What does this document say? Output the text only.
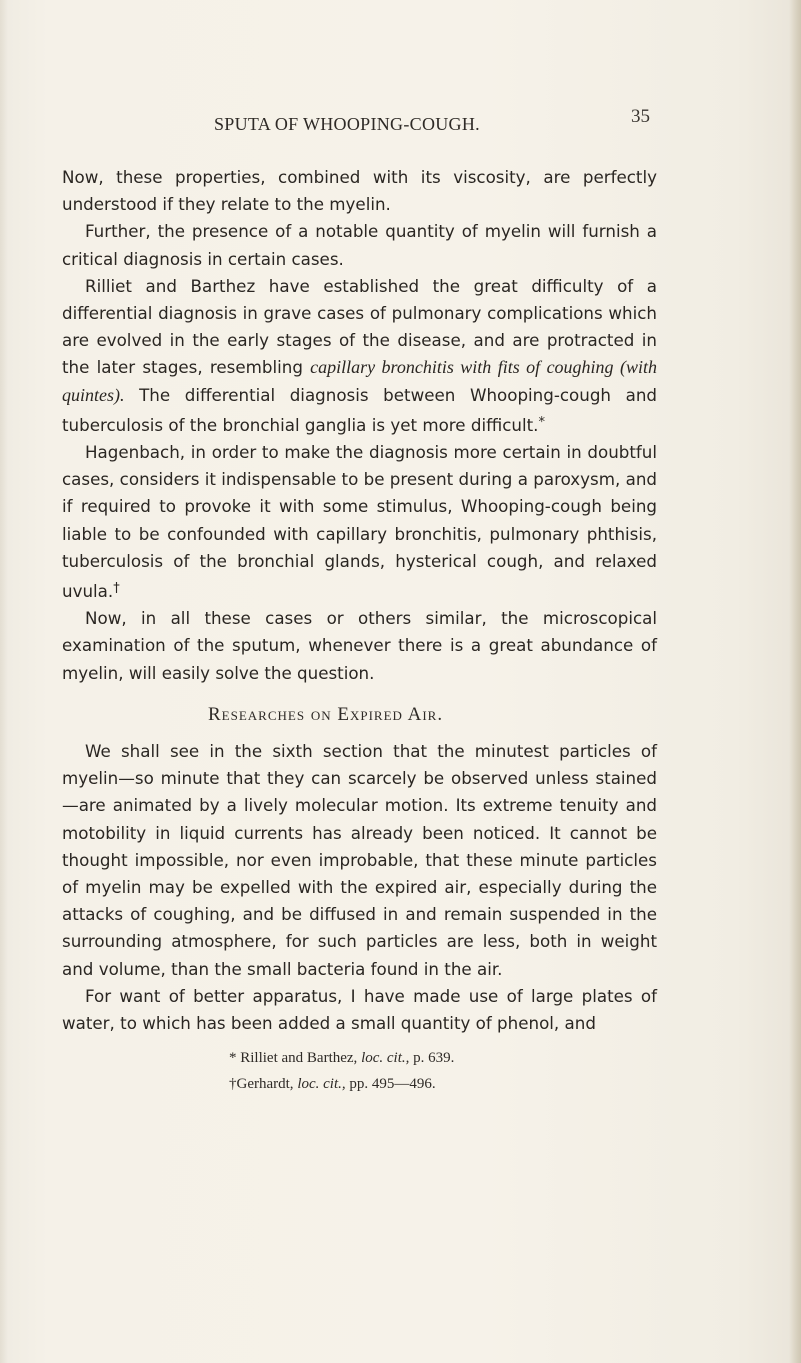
SPUTA OF WHOOPING-COUGH.	35

Now, these properties, combined with its viscosity, are perfectly understood if they relate to the myelin.

Further, the presence of a notable quantity of myelin will furnish a critical diagnosis in certain cases.

Rilliet and Barthez have established the great difficulty of a differential diagnosis in grave cases of pulmonary complications which are evolved in the early stages of the disease, and are protracted in the later stages, resembling capillary bronchitis with fits of coughing (with quintes). The differential diagnosis between Whooping-cough and tuberculosis of the bronchial ganglia is yet more difficult.*

Hagenbach, in order to make the diagnosis more certain in doubtful cases, considers it indispensable to be present during a paroxysm, and if required to provoke it with some stimulus, Whooping-cough being liable to be confounded with capillary bronchitis, pulmonary phthisis, tuberculosis of the bronchial glands, hysterical cough, and relaxed uvula.†

Now, in all these cases or others similar, the microscopical examination of the sputum, whenever there is a great abundance of myelin, will easily solve the question.

Researches on Expired Air.

We shall see in the sixth section that the minutest particles of myelin—so minute that they can scarcely be observed unless stained—are animated by a lively molecular motion. Its extreme tenuity and motobility in liquid currents has already been noticed. It cannot be thought impossible, nor even improbable, that these minute particles of myelin may be expelled with the expired air, especially during the attacks of coughing, and be diffused in and remain suspended in the surrounding atmosphere, for such particles are less, both in weight and volume, than the small bacteria found in the air.

For want of better apparatus, I have made use of large plates of water, to which has been added a small quantity of phenol, and

* Rilliet and Barthez, loc. cit., p. 639.
†Gerhardt, loc. cit., pp. 495—496.
